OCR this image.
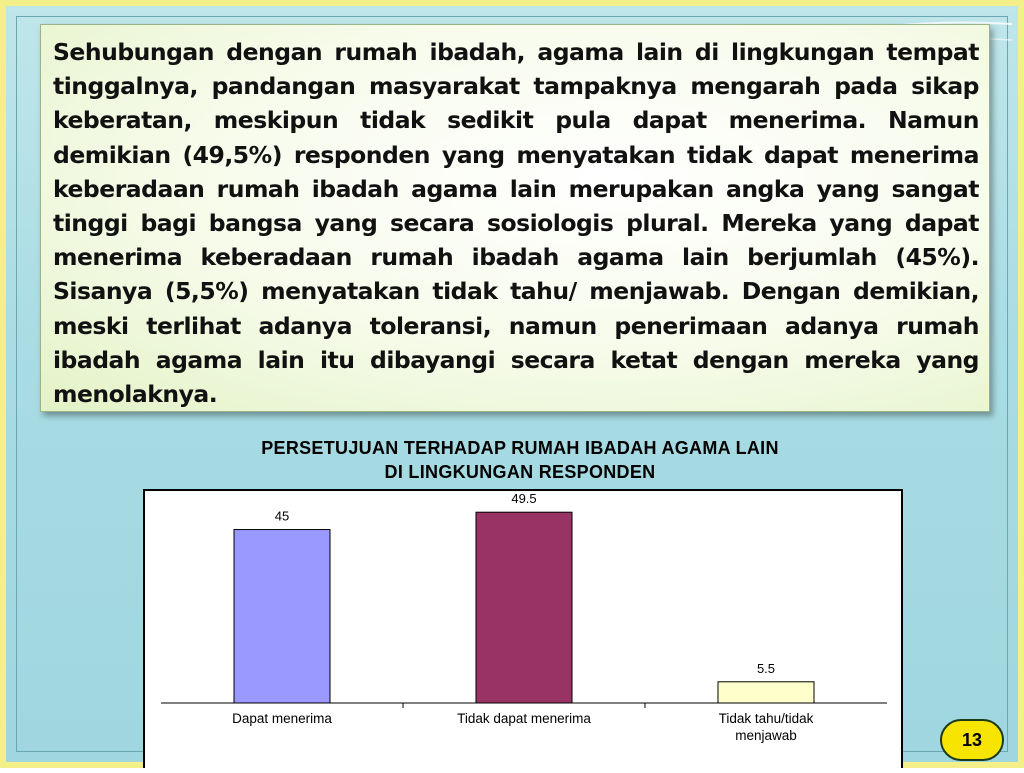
Sehubungan dengan rumah ibadah, agama lain di lingkungan tempat tinggalnya, pandangan masyarakat tampaknya mengarah pada sikap keberatan, meskipun tidak sedikit pula dapat menerima. Namun demikian (49,5%) responden yang menyatakan tidak dapat menerima keberadaan rumah ibadah agama lain merupakan angka yang sangat tinggi bagi bangsa yang secara sosiologis plural. Mereka yang dapat menerima keberadaan rumah ibadah agama lain berjumlah (45%). Sisanya (5,5%) menyatakan tidak tahu/ menjawab. Dengan demikian, meski terlihat adanya toleransi, namun penerimaan adanya rumah ibadah agama lain itu dibayangi secara ketat dengan mereka yang menolaknya.

PERSETUJUAN TERHADAP RUMAH IBADAH AGAMA LAIN
DI LINGKUNGAN RESPONDEN
45
Dapat menerima
49.5
Tidak dapat menerima
5.5
Tidak tahu/tidak
menjawab	13
